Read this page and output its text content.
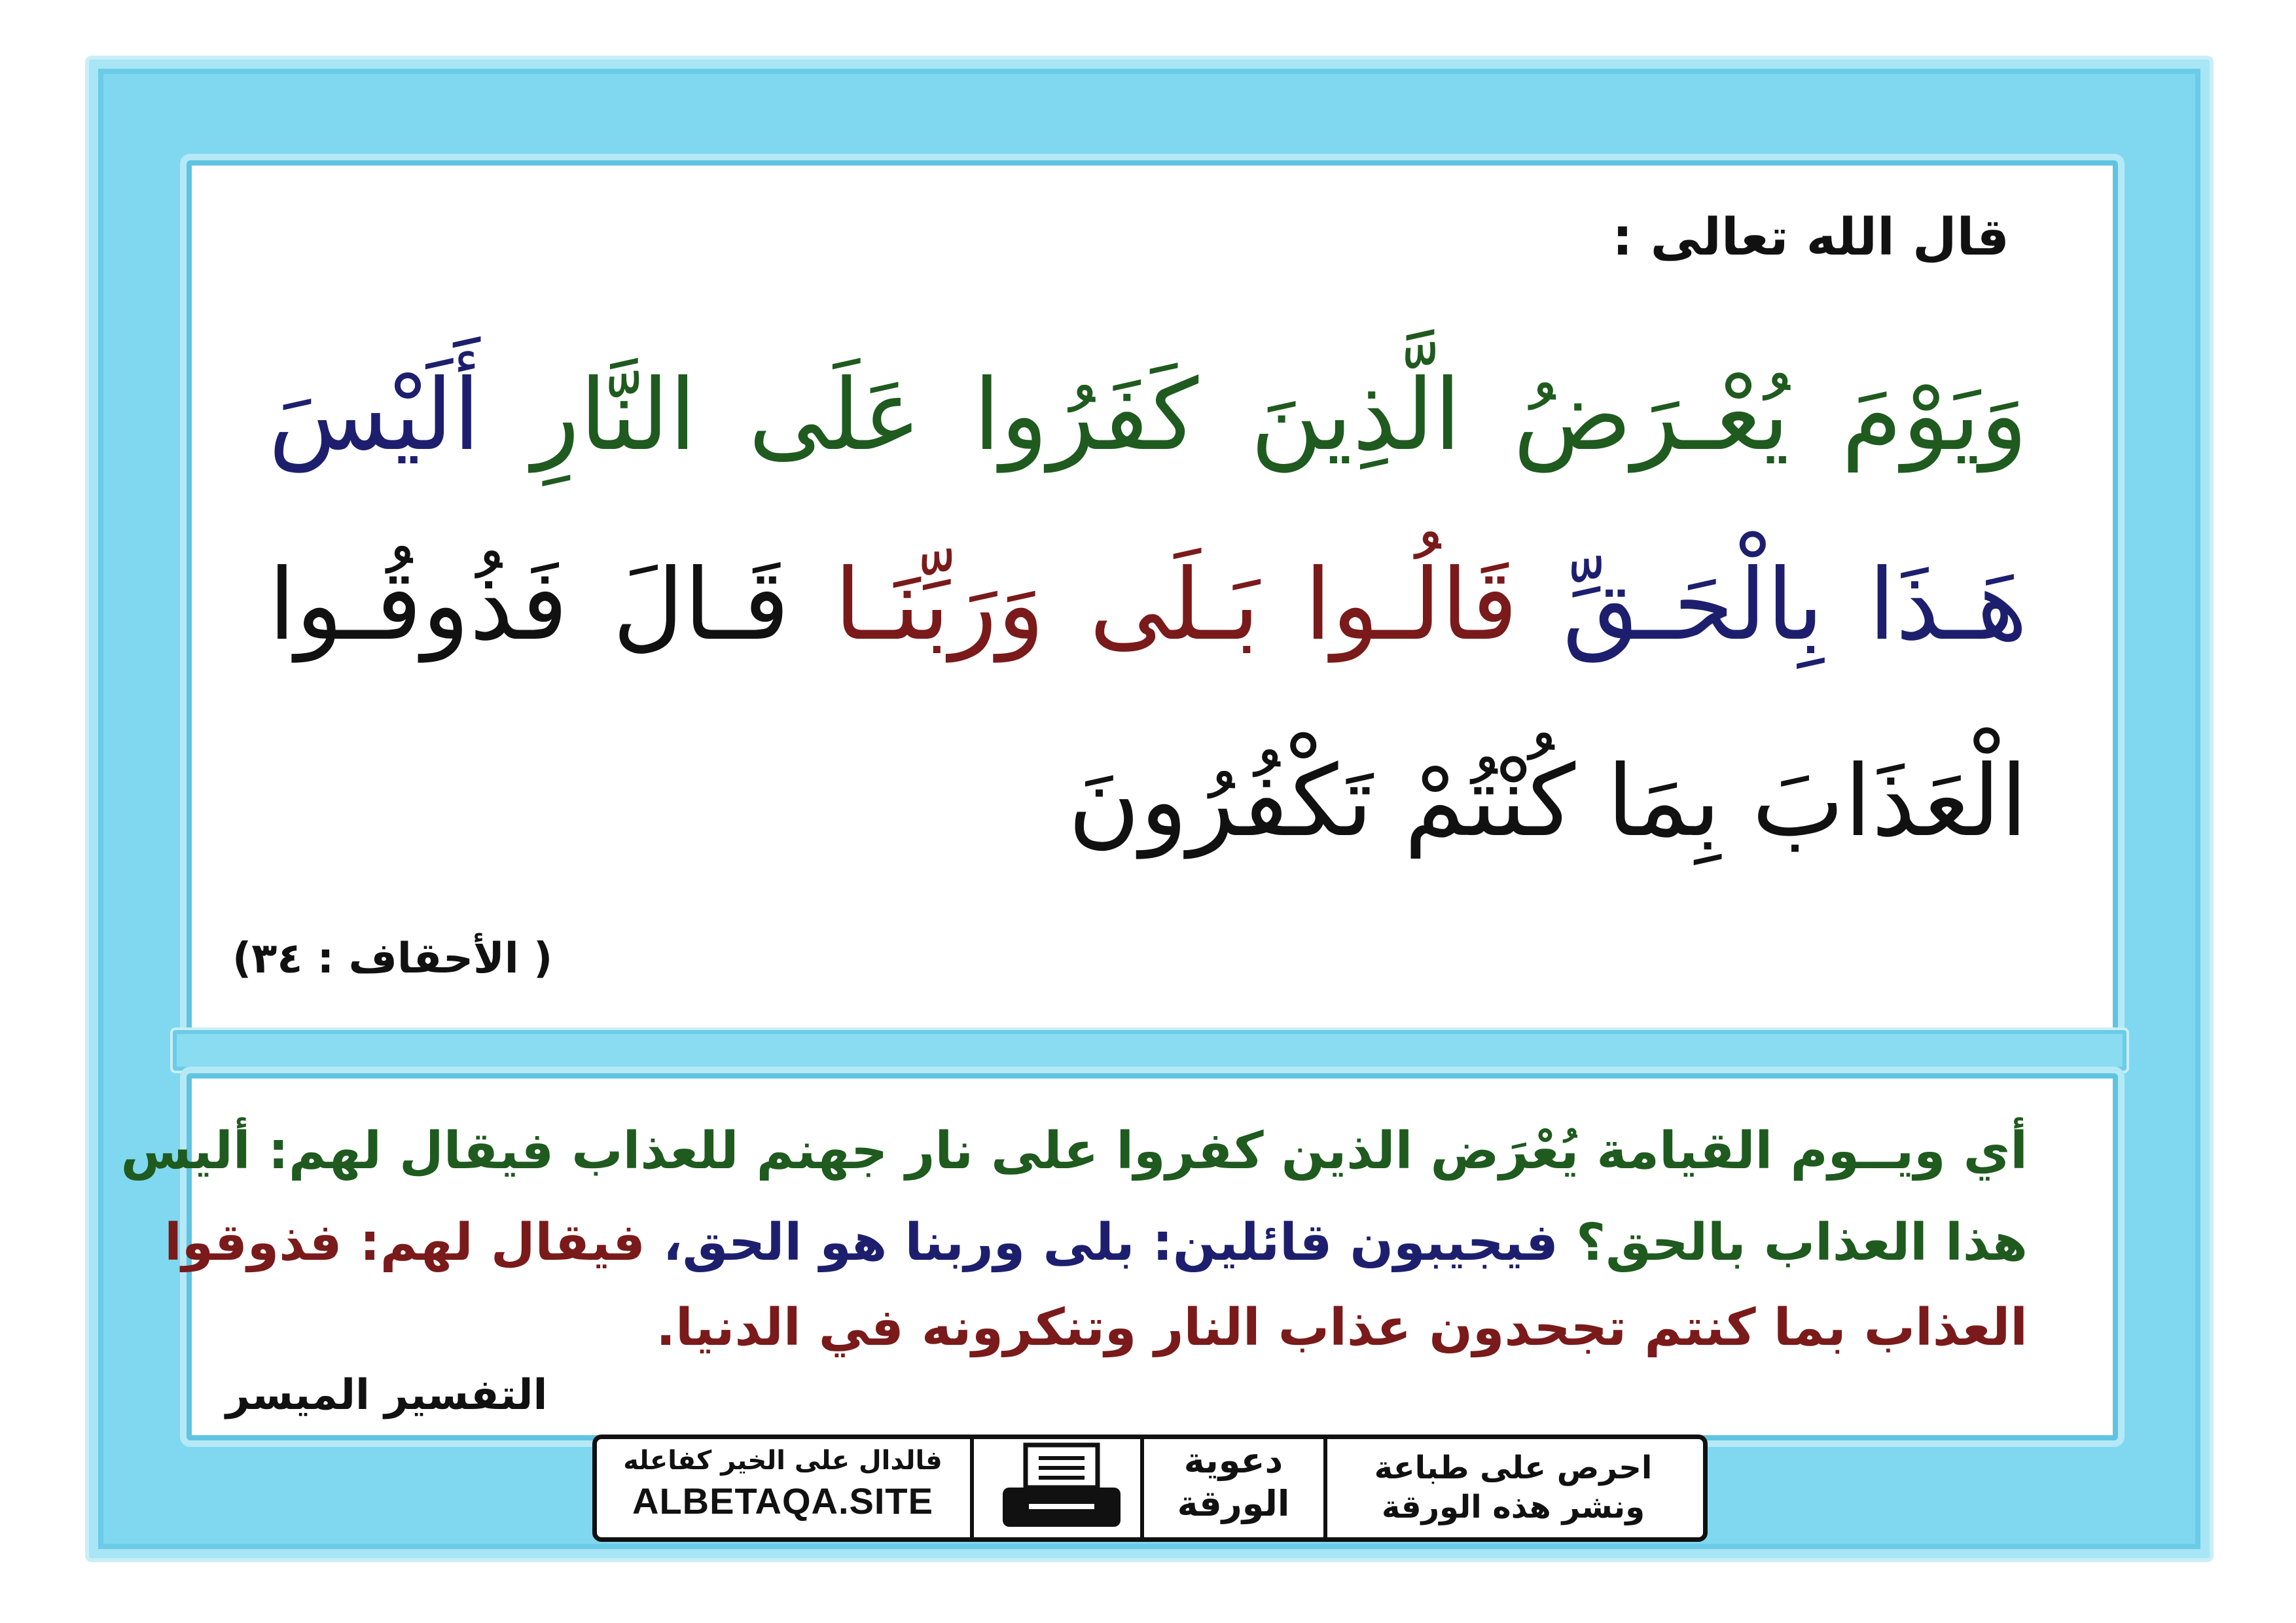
قال الله تعالى :
وَيَوْمَ يُعْـرَضُ الَّذِينَ كَفَرُوا عَلَى النَّارِ أَلَيْسَ
هَـذَا بِالْحَـقِّ قَالُـوا بَـلَى وَرَبِّنَـا قَـالَ فَذُوقُـوا
الْعَذَابَ بِمَا كُنْتُمْ تَكْفُرُونَ
( الأحقاف : ٣٤)
أي ويــوم القيامة يُعْرَض الذين كفروا على نار جهنم للعذاب فيقال لهم: أليس
هذا العذاب بالحق؟ فيجيبون قائلين: بلى وربنا هو الحق، فيقال لهم: فذوقوا
العذاب بما كنتم تجحدون عذاب النار وتنكرونه في الدنيا.
التفسير الميسر
فالدال على الخير كفاعله
ALBETAQA.SITE
دعوية الورقة
احرص على طباعة
ونشر هذه الورقة
